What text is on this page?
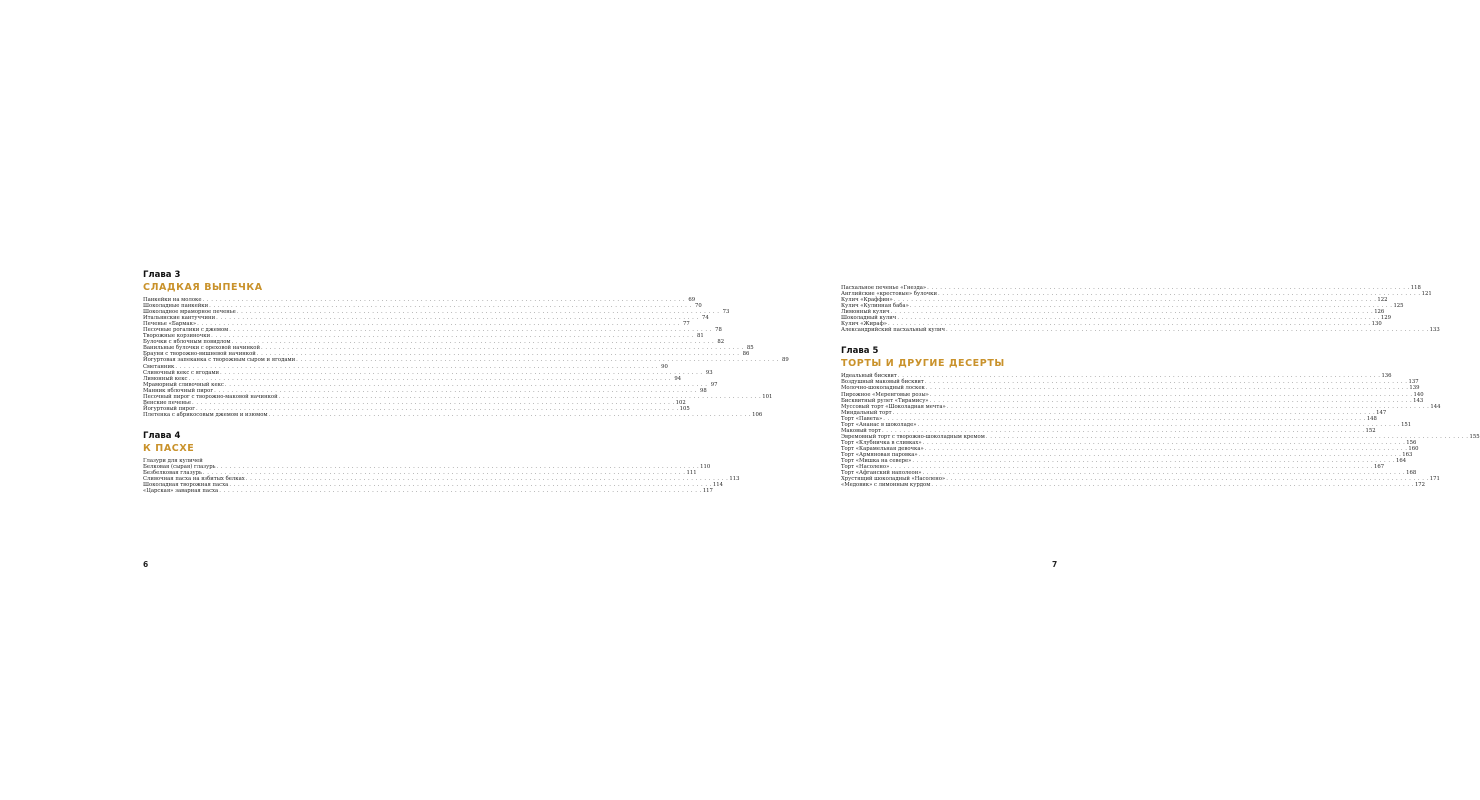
Глава 3
СЛАДКАЯ ВЫПЕЧКА
Панкейки на молоке . . .	69
Шоколадные панкейки . . .	70
Шоколадное мраморное печенье . . .	73
Итальянские кантуччини . . .	74
Печенье «Бармак» . . .	77
Песочные рогалики с джемом . . .	78
Творожные корзиночки . . .	81
Булочки с яблочным повидлом . . .	82
Ванильные булочки с ореховой начинкой . . .	85
Брауни с творожно-вишневой начинкой . . .	86
Йогуртовая запеканка с творожным сыром и ягодами . . .	89
Сметанник . . .	90
Сливочный кекс с ягодами . . .	93
Лимонный кекс . . .	94
Мраморный сливочный кекс . . .	97
Манник яблочный пирог . . .	98
Песочный пирог с творожно-маковой начинкой . . .	101
Венские печенье . . .	102
Йогуртовый пирог . . .	105
Плетенка с абрикосовым джемом и изюмом . . .	106
Глава 4
К ПАСХЕ
Глазури для куличей
Белковая (сырая) глазурь . . .	110
Безбелковая глазурь . . .	111
Сливочная пасха на взбитых белках . . .	113
Шоколадная творожная пасха . . .	114
«Царская» заварная пасха . . .	117
6
Пасхальное печенье «Гнезда» . . .	118
Английские «крестовые» булочки . . .	121
Кулич «Краффин» . . .	122
Кулич «Кулинная баба» . . .	125
Лимонный кулич . . .	126
Шоколадный кулич . . .	129
Кулич «Жираф» . . .	130
Александрийский пасхальный кулич . . .	133
Глава 5
ТОРТЫ И ДРУГИЕ ДЕСЕРТЫ
Идеальный бисквит . . .	136
Воздушный маковый бисквит . . .	137
Молочно-шоколадный лоскек . . .	139
Пирожное «Меренговые розы» . . .	140
Бисквитный рулет «Тирамису» . . .	143
Муссовый торт «Шоколадная мечта» . . .	144
Миндальный торт . . .	147
Торт «Павета» . . .	148
Торт «Ананас в шоколаде» . . .	151
Маковый торт . . .	152
Эвремовный торт с творожно-шоколадным кремом . . .	155
Торт «Клубничка в сливках» . . .	156
Торт «Карамельная девочка» . . .	160
Торт «Армяновая паровка» . . .	163
Торт «Мишка на севере» . . .	164
Торт «Насолено» . . .	167
Торт «Афганский наполеон» . . .	168
Хрустящий шоколадный «Насолено» . . .	171
«Медовик» с лимонным курдом . . .	172
7
